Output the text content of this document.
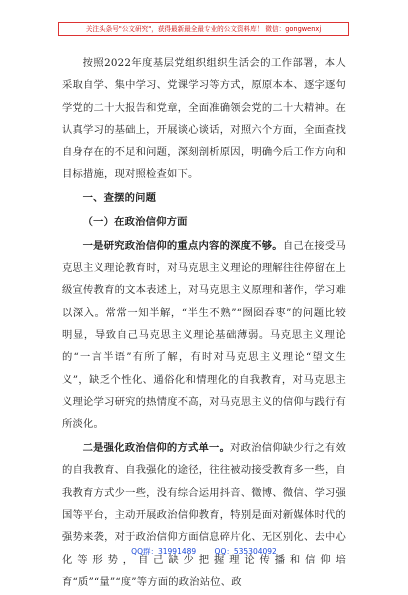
关注头条号"公文研究"，获得最新最全最专业的公文资料库！ 微信：gongwenxj

按照2022年度基层党组织组织生活会的工作部署，本人采取自学、集中学习、党课学习等方式，原原本本、逐字逐句学党的二十大报告和党章，全面准确领会党的二十大精神。在认真学习的基础上，开展谈心谈话，对照六个方面，全面查找自身存在的不足和问题，深刻剖析原因，明确今后工作方向和目标措施，现对照检查如下。

一、查摆的问题

（一）在政治信仰方面

一是研究政治信仰的重点内容的深度不够。自己在接受马克思主义理论教育时，对马克思主义理论的理解往往停留在上级宣传教育的文本表述上，对马克思主义原理和著作，学习难以深入。常常一知半解，“半生不熟”“囫囵吞枣”的问题比较明显，导致自己马克思主义理论基础薄弱。马克思主义理论的“一言半语”有所了解，有时对马克思主义理论“望文生义”，缺乏个性化、通俗化和情理化的自我教育，对马克思主义理论学习研究的热情度不高，对马克思主义的信仰与践行有所淡化。

二是强化政治信仰的方式单一。对政治信仰缺少行之有效的自我教育、自我强化的途径，往往被动接受教育多一些，自我教育方式少一些，没有综合运用抖音、微博、微信、学习强国等平台，主动开展政治信仰教育，特别是面对新媒体时代的强势来袭，对于政治信仰方面信息碎片化、无区别化、去中心化等形势，自己缺少把握理论传播和信仰培育“质”“量”“度”等方面的政治站位、政

QQ群：31991489 QQ：535304092
